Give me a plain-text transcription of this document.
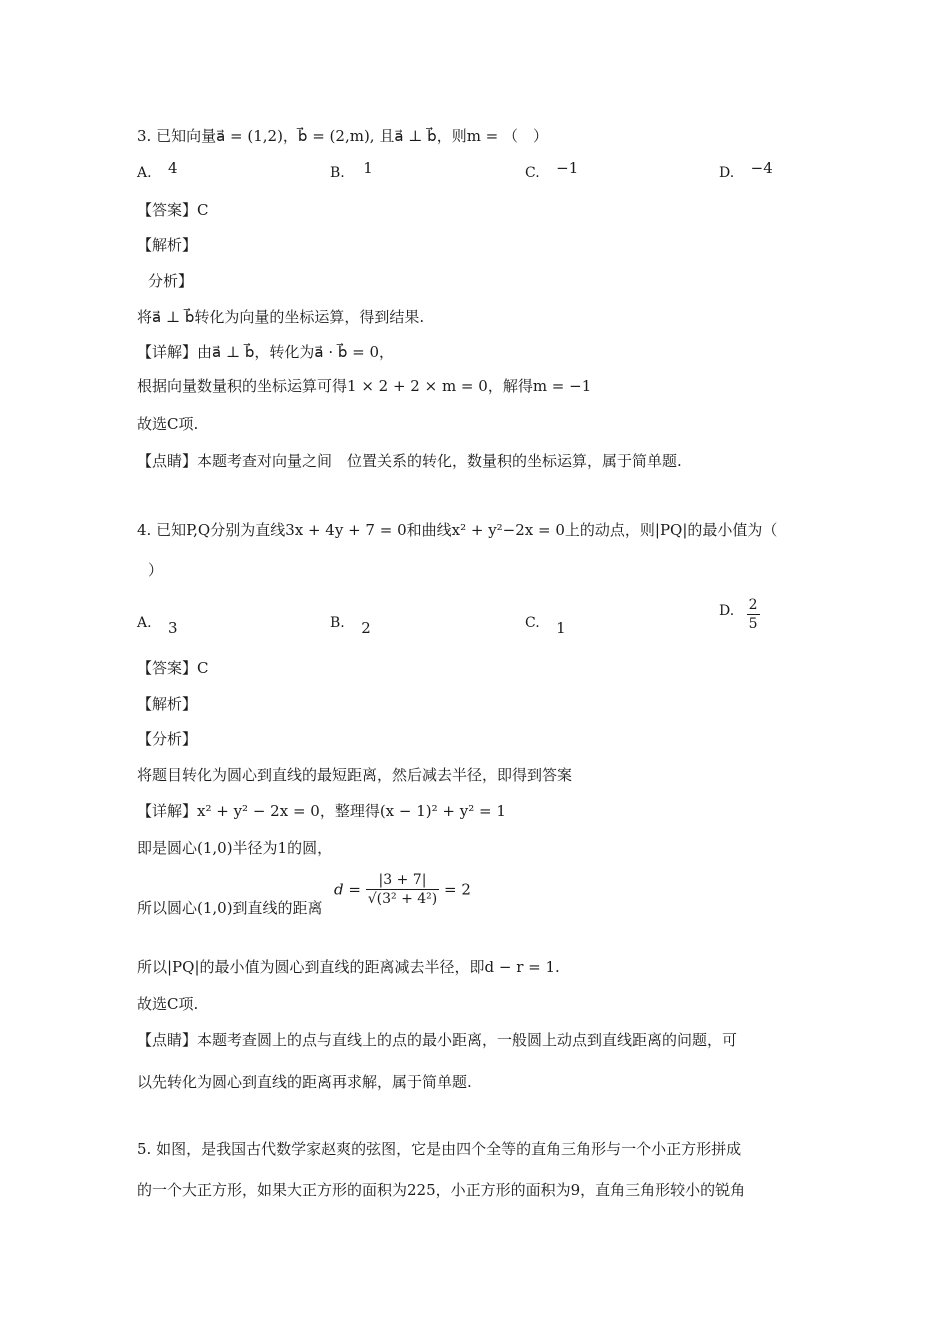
3. 已知向量a⃗ = (1,2)，b⃗ = (2,m), 且a⃗ ⊥ b⃗，则m = （　）
A. 4	B. 1	C. −1	D. −4
【答案】C
【解析】
分析】
将a⃗ ⊥ b⃗转化为向量的坐标运算，得到结果.
【详解】由a⃗ ⊥ b⃗，转化为a⃗ · b⃗ = 0，
根据向量数量积的坐标运算可得1 × 2 + 2 × m = 0，解得m = −1
故选C项.
【点睛】本题考查对向量之间　位置关系的转化，数量积的坐标运算，属于简单题.
4. 已知P,Q分别为直线3x + 4y + 7 = 0和曲线x² + y²−2x = 0上的动点，则|PQ|的最小值为（
）
A. 3	B. 2	C. 1
D. $\frac{2}{5}$
【答案】C
【解析】
【分析】
将题目转化为圆心到直线的最短距离，然后减去半径，即得到答案
【详解】x² + y² − 2x = 0，整理得(x − 1)² + y² = 1
即是圆心(1,0)半径为1的圆，
所以圆心(1,0)到直线的距离
$d = \frac{|3 + 7|}{\text{√(3² + 4²)}} = 2$
所以|PQ|的最小值为圆心到直线的距离减去半径，即d − r = 1.
故选C项.
【点睛】本题考查圆上的点与直线上的点的最小距离，一般圆上动点到直线距离的问题，可
以先转化为圆心到直线的距离再求解，属于简单题.
5. 如图，是我国古代数学家赵爽的弦图，它是由四个全等的直角三角形与一个小正方形拼成
的一个大正方形，如果大正方形的面积为225，小正方形的面积为9，直角三角形较小的锐角
